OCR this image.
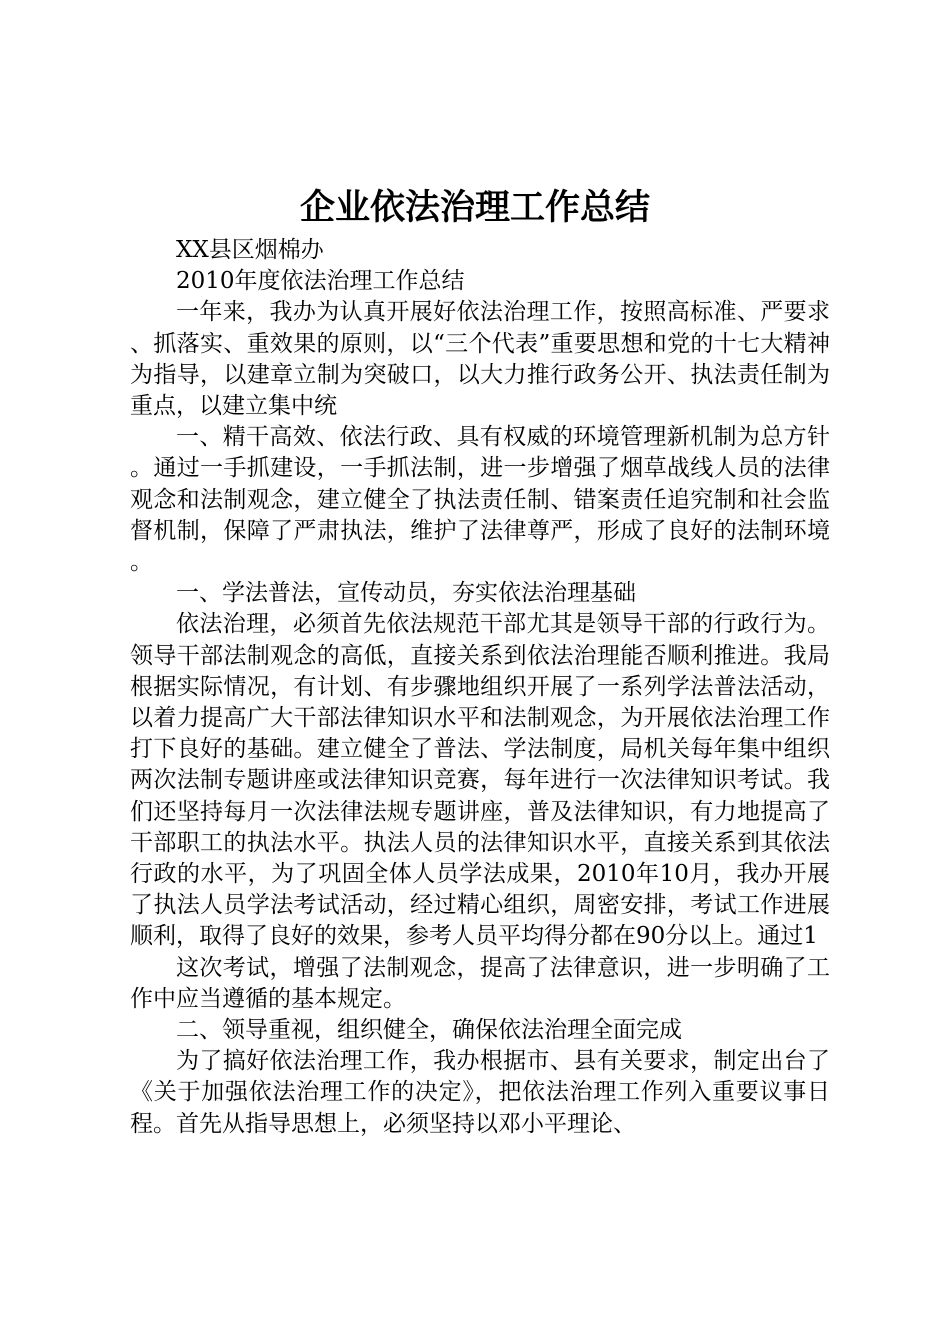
企业依法治理工作总结

XX县区烟棉办

2010年度依法治理工作总结

一年来，我办为认真开展好依法治理工作，按照高标准、严要求、抓落实、重效果的原则，以“三个代表”重要思想和党的十七大精神为指导，以建章立制为突破口，以大力推行政务公开、执法责任制为重点，以建立集中统

一、精干高效、依法行政、具有权威的环境管理新机制为总方针。通过一手抓建设，一手抓法制，进一步增强了烟草战线人员的法律观念和法制观念，建立健全了执法责任制、错案责任追究制和社会监督机制，保障了严肃执法，维护了法律尊严，形成了良好的法制环境。

一、学法普法，宣传动员，夯实依法治理基础

依法治理，必须首先依法规范干部尤其是领导干部的行政行为。领导干部法制观念的高低，直接关系到依法治理能否顺利推进。我局根据实际情况，有计划、有步骤地组织开展了一系列学法普法活动，以着力提高广大干部法律知识水平和法制观念，为开展依法治理工作打下良好的基础。建立健全了普法、学法制度，局机关每年集中组织两次法制专题讲座或法律知识竞赛，每年进行一次法律知识考试。我们还坚持每月一次法律法规专题讲座，普及法律知识，有力地提高了干部职工的执法水平。执法人员的法律知识水平，直接关系到其依法行政的水平，为了巩固全体人员学法成果，2010年10月，我办开展了执法人员学法考试活动，经过精心组织，周密安排，考试工作进展顺利，取得了良好的效果，参考人员平均得分都在90分以上。通过1

这次考试，增强了法制观念，提高了法律意识，进一步明确了工作中应当遵循的基本规定。

二、领导重视，组织健全，确保依法治理全面完成

为了搞好依法治理工作，我办根据市、县有关要求，制定出台了《关于加强依法治理工作的决定》，把依法治理工作列入重要议事日程。首先从指导思想上，必须坚持以邓小平理论、
